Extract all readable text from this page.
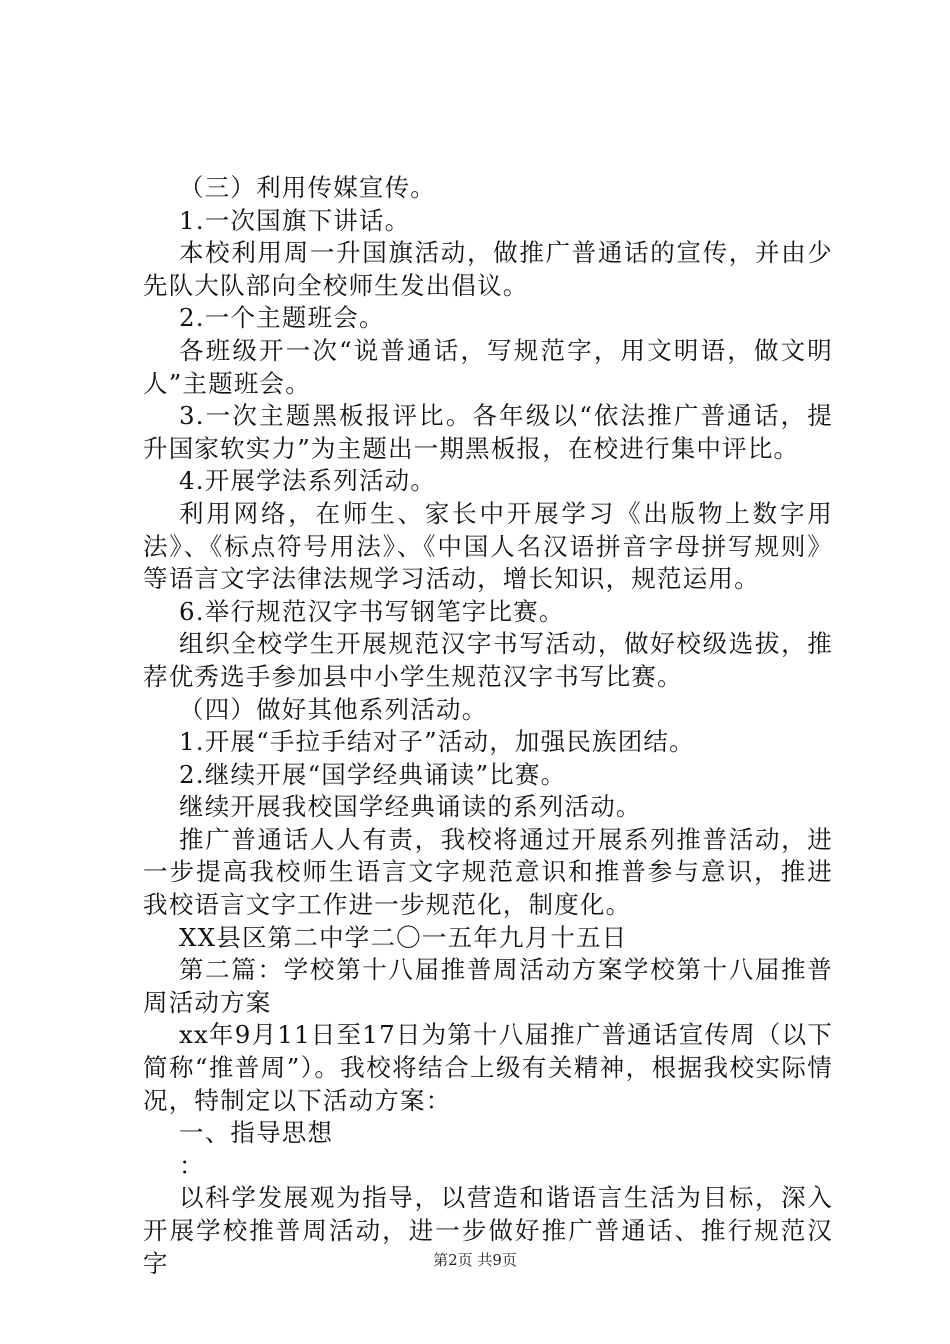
（三）利用传媒宣传。

1.一次国旗下讲话。

本校利用周一升国旗活动，做推广普通话的宣传，并由少先队大队部向全校师生发出倡议。

2.一个主题班会。

各班级开一次“说普通话，写规范字，用文明语，做文明人”主题班会。

3.一次主题黑板报评比。各年级以“依法推广普通话，提升国家软实力”为主题出一期黑板报，在校进行集中评比。

4.开展学法系列活动。

利用网络，在师生、家长中开展学习《出版物上数字用法》、《标点符号用法》、《中国人名汉语拼音字母拼写规则》等语言文字法律法规学习活动，增长知识，规范运用。

6.举行规范汉字书写钢笔字比赛。

组织全校学生开展规范汉字书写活动，做好校级选拔，推荐优秀选手参加县中小学生规范汉字书写比赛。

（四）做好其他系列活动。

1.开展“手拉手结对子”活动，加强民族团结。

2.继续开展“国学经典诵读”比赛。

继续开展我校国学经典诵读的系列活动。

推广普通话人人有责，我校将通过开展系列推普活动，进一步提高我校师生语言文字规范意识和推普参与意识，推进我校语言文字工作进一步规范化，制度化。

XX县区第二中学二〇一五年九月十五日

第二篇：学校第十八届推普周活动方案学校第十八届推普周活动方案

xx年9月11日至17日为第十八届推广普通话宣传周（以下简称“推普周”）。我校将结合上级有关精神，根据我校实际情况，特制定以下活动方案：

一、指导思想

：

以科学发展观为指导，以营造和谐语言生活为目标，深入开展学校推普周活动，进一步做好推广普通话、推行规范汉字	第2页 共9页
